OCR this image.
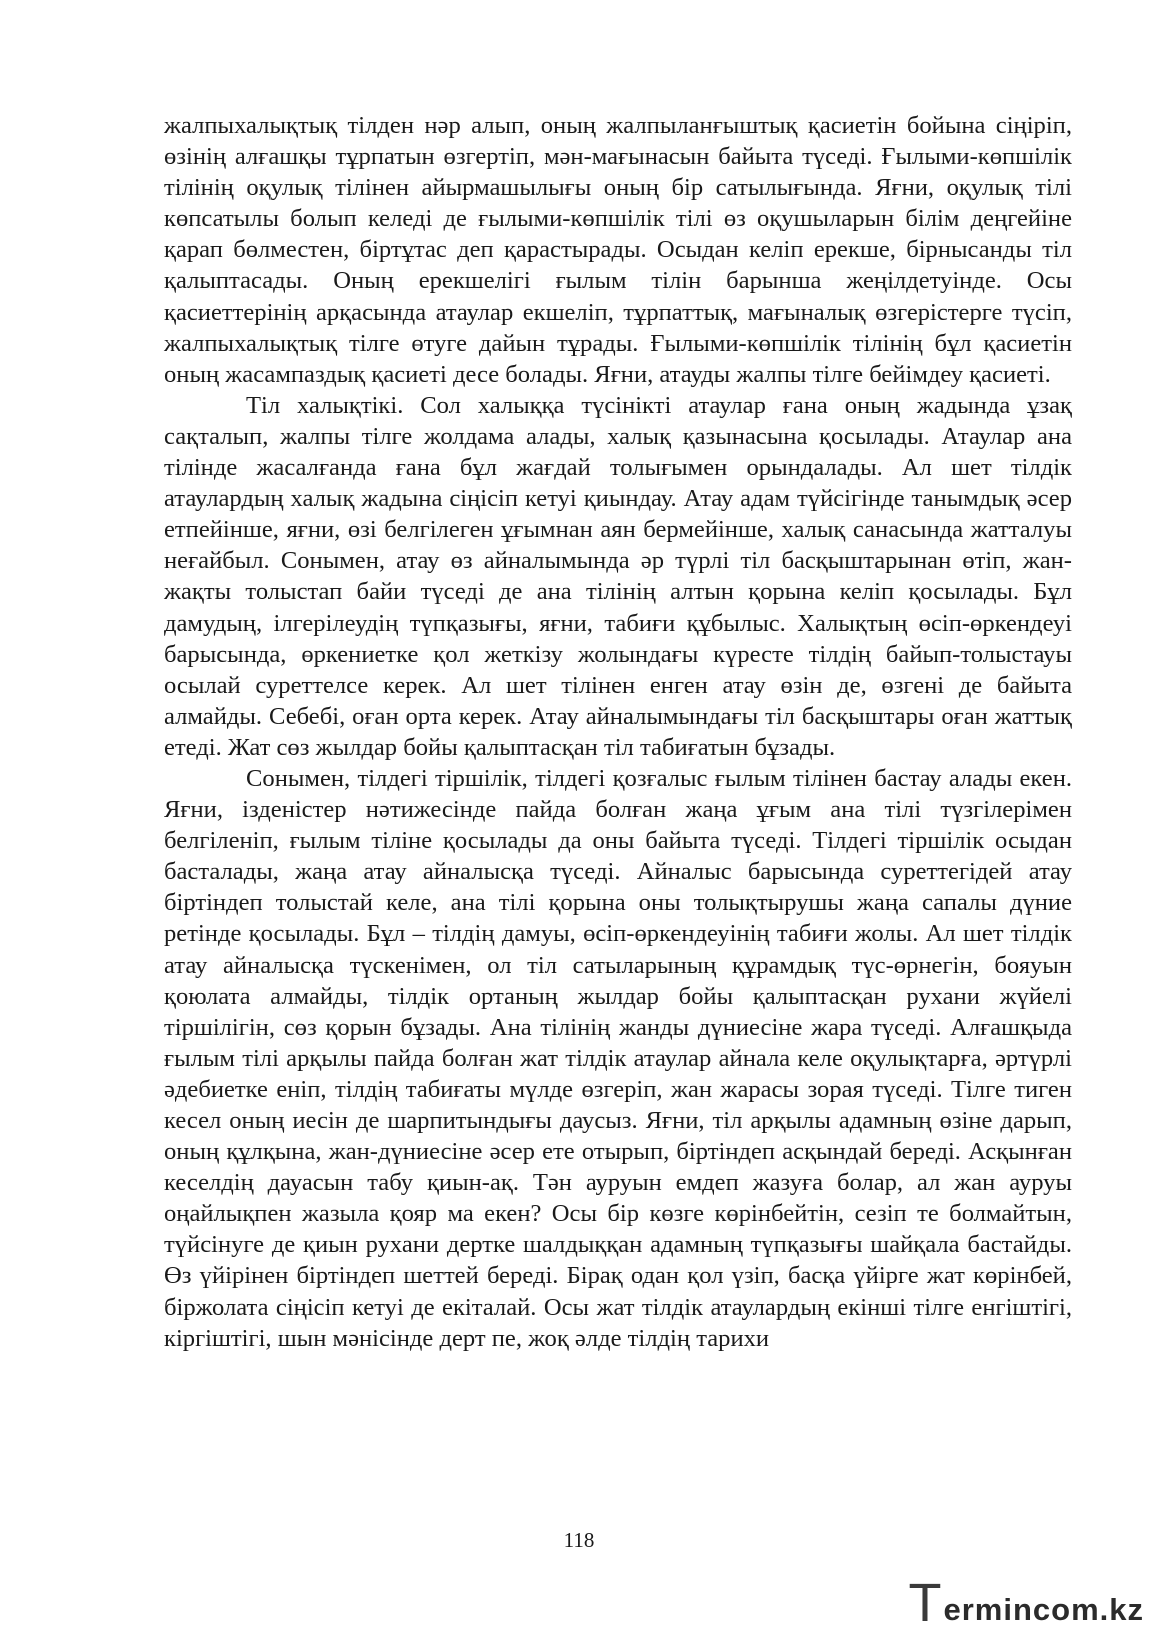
жалпыхалықтық тілден нәр алып, оның жалпыланғыштық қасиетін бойына сіңіріп, өзінің алғашқы тұрпатын өзгертіп, мән-мағынасын байыта түседі. Ғылыми-көпшілік тілінің оқулық тілінен айырмашылығы оның бір сатылығында. Яғни, оқулық тілі көпсатылы болып келеді де ғылыми-көпшілік тілі өз оқушыларын білім деңгейіне қарап бөлместен, біртұтас деп қарастырады. Осыдан келіп ерекше, бірнысанды тіл қалыптасады. Оның ерекшелігі ғылым тілін барынша жеңілдетуінде. Осы қасиеттерінің арқасында атаулар екшеліп, тұрпаттық, мағыналық өзгерістерге түсіп, жалпыхалықтық тілге өтуге дайын тұрады. Ғылыми-көпшілік тілінің бұл қасиетін оның жасампаздық қасиеті десе болады. Яғни, атауды жалпы тілге бейімдеу қасиеті.

Тіл халықтікі. Сол халыққа түсінікті атаулар ғана оның жадында ұзақ сақталып, жалпы тілге жолдама алады, халық қазынасына қосылады. Атаулар ана тілінде жасалғанда ғана бұл жағдай толығымен орындалады. Ал шет тілдік атаулардың халық жадына сіңісіп кетуі қиындау. Атау адам түйсігінде танымдық әсер етпейінше, яғни, өзі белгілеген ұғымнан аян бермейінше, халық санасында жатталуы неғайбыл. Сонымен, атау өз айналымында әр түрлі тіл басқыштарынан өтіп, жан-жақты толыстап байи түседі де ана тілінің алтын қорына келіп қосылады. Бұл дамудың, ілгерілеудің түпқазығы, яғни, табиғи құбылыс. Халықтың өсіп-өркендеуі барысында, өркениетке қол жеткізу жолындағы күресте тілдің байып-толыстауы осылай суреттелсе керек. Ал шет тілінен енген атау өзін де, өзгені де байыта алмайды. Себебі, оған орта керек. Атау айналымындағы тіл басқыштары оған жаттық етеді. Жат сөз жылдар бойы қалыптасқан тіл табиғатын бұзады.

Сонымен, тілдегі тіршілік, тілдегі қозғалыс ғылым тілінен бастау алады екен. Яғни, ізденістер нәтижесінде пайда болған жаңа ұғым ана тілі түзгілерімен белгіленіп, ғылым тіліне қосылады да оны байыта түседі. Тілдегі тіршілік осыдан басталады, жаңа атау айналысқа түседі. Айналыс барысында суреттегідей атау біртіндеп толыстай келе, ана тілі қорына оны толықтырушы жаңа сапалы дүние ретінде қосылады. Бұл – тілдің дамуы, өсіп-өркендеуінің табиғи жолы. Ал шет тілдік атау айналысқа түскенімен, ол тіл сатыларының құрамдық түс-өрнегін, бояуын қоюлата алмайды, тілдік ортаның жылдар бойы қалыптасқан рухани жүйелі тіршілігін, сөз қорын бұзады. Ана тілінің жанды дүниесіне жара түседі. Алғашқыда ғылым тілі арқылы пайда болған жат тілдік атаулар айнала келе оқулықтарға, әртүрлі әдебиетке еніп, тілдің табиғаты мүлде өзгеріп, жан жарасы зорая түседі. Тілге тиген кесел оның иесін де шарпитындығы даусыз. Яғни, тіл арқылы адамның өзіне дарып, оның құлқына, жан-дүниесіне әсер ете отырып, біртіндеп асқындай береді. Асқынған кеселдің дауасын табу қиын-ақ. Тән ауруын емдеп жазуға болар, ал жан ауруы оңайлықпен жазыла қояр ма екен? Осы бір көзге көрінбейтін, сезіп те болмайтын, түйсінуге де қиын рухани дертке шалдыққан адамның түпқазығы шайқала бастайды. Өз үйірінен біртіндеп шеттей береді. Бірақ одан қол үзіп, басқа үйірге жат көрінбей, біржолата сіңісіп кетуі де екіталай. Осы жат тілдік атаулардың екінші тілге енгіштігі, кіргіштігі, шын мәнісінде дерт пе, жоқ әлде тілдің тарихи

118
T ermincom.kz
